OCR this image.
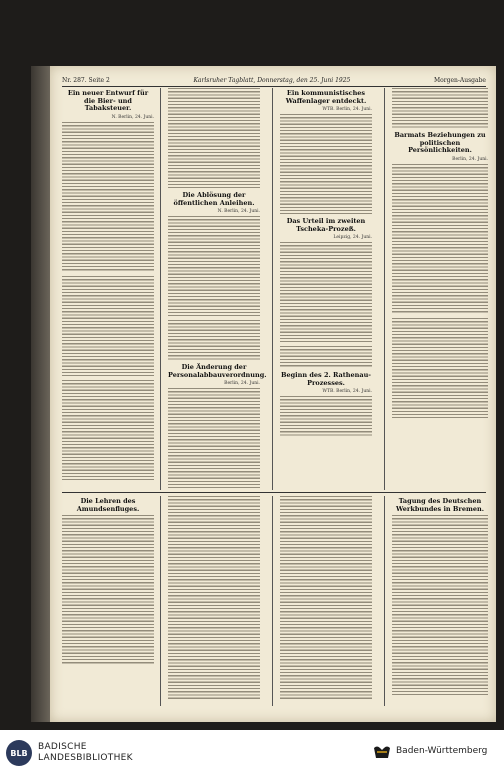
Nr. 287. Seite 2	Karlsruher Tagblatt, Donnerstag, den 25. Juni 1925	Morgen-Ausgabe
Ein neuer Entwurf für die Bier- und Tabaksteuer.
N. Berlin, 24. Juni.
Die Ablösung der öffentlichen Anleihen.
N. Berlin, 24. Juni.
Die Änderung der Personalabbauverordnung.
Berlin, 24. Juni.
Ein kommunistisches Waffenlager entdeckt.
WTB. Berlin, 24. Juni.
Das Urteil im zweiten Tscheka-Prozeß.
Leipzig, 24. Juni.
Beginn des 2. Rathenau-Prozesses.
WTB. Berlin, 24. Juni.
Barmats Beziehungen zu politischen Persönlichkeiten.
Berlin, 24. Juni.
Die Lehren des Amundsenfluges.
Tagung des Deutschen Werkbundes in Bremen.
BLB
BADISCHE
LANDESBIBLIOTHEK
Baden-Württemberg
